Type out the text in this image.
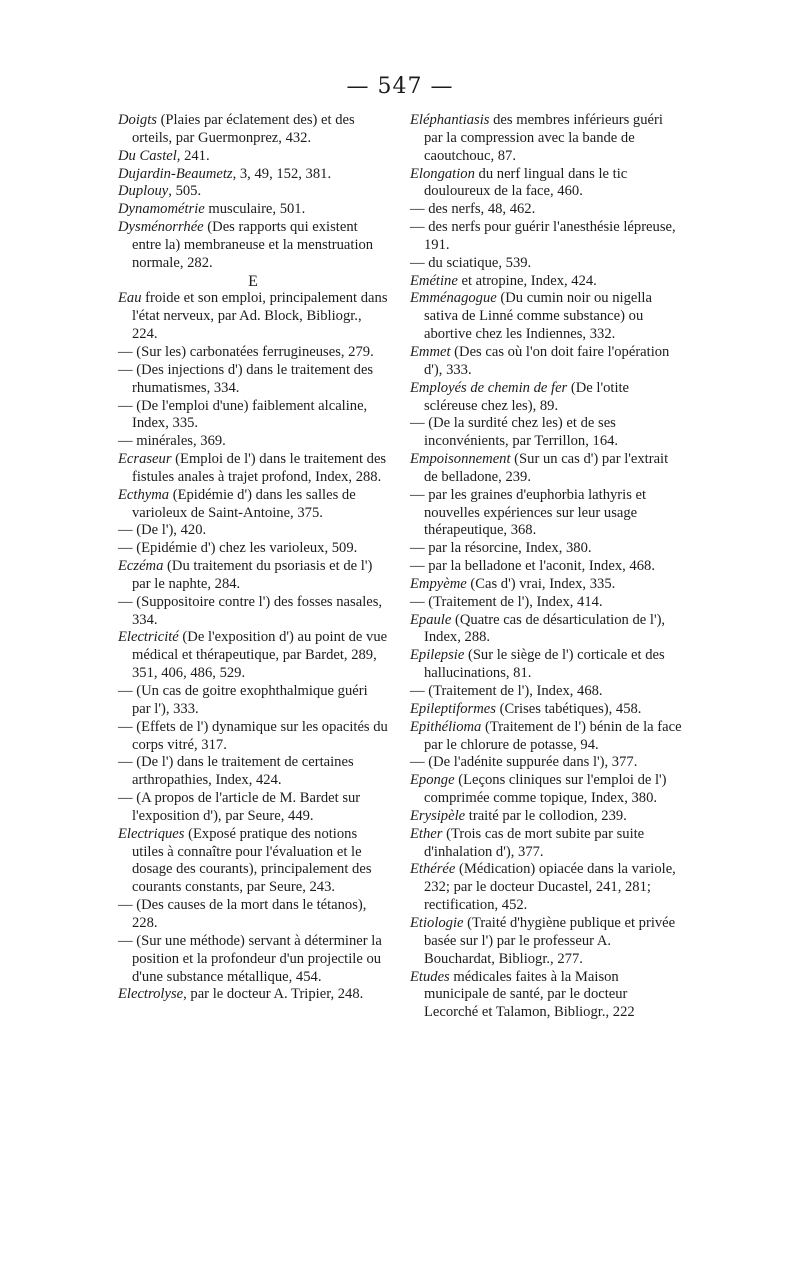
— 547 —

Doigts (Plaies par éclatement des) et des orteils, par Guermonprez, 432.

Du Castel, 241.

Dujardin-Beaumetz, 3, 49, 152, 381.

Duplouy, 505.

Dynamométrie musculaire, 501.

Dysménorrhée (Des rapports qui existent entre la) membraneuse et la menstruation normale, 282.

E

Eau froide et son emploi, principalement dans l'état nerveux, par Ad. Block, Bibliogr., 224.

— (Sur les) carbonatées ferrugineuses, 279.

— (Des injections d') dans le traitement des rhumatismes, 334.

— (De l'emploi d'une) faiblement alcaline, Index, 335.

— minérales, 369.

Ecraseur (Emploi de l') dans le traitement des fistules anales à trajet profond, Index, 288.

Ecthyma (Epidémie d') dans les salles de varioleux de Saint-Antoine, 375.

— (De l'), 420.

— (Epidémie d') chez les varioleux, 509.

Eczéma (Du traitement du psoriasis et de l') par le naphte, 284.

— (Suppositoire contre l') des fosses nasales, 334.

Electricité (De l'exposition d') au point de vue médical et thérapeutique, par Bardet, 289, 351, 406, 486, 529.

— (Un cas de goitre exophthalmique guéri par l'), 333.

— (Effets de l') dynamique sur les opacités du corps vitré, 317.

— (De l') dans le traitement de certaines arthropathies, Index, 424.

— (A propos de l'article de M. Bardet sur l'exposition d'), par Seure, 449.

Electriques (Exposé pratique des notions utiles à connaître pour l'évaluation et le dosage des courants), principalement des courants constants, par Seure, 243.

— (Des causes de la mort dans le tétanos), 228.

— (Sur une méthode) servant à déterminer la position et la profondeur d'un projectile ou d'une substance métallique, 454.

Electrolyse, par le docteur A. Tripier, 248.

Eléphantiasis des membres inférieurs guéri par la compression avec la bande de caoutchouc, 87.

Elongation du nerf lingual dans le tic douloureux de la face, 460.

— des nerfs, 48, 462.

— des nerfs pour guérir l'anesthésie lépreuse, 191.

— du sciatique, 539.

Emétine et atropine, Index, 424.

Emménagogue (Du cumin noir ou nigella sativa de Linné comme substance) ou abortive chez les Indiennes, 332.

Emmet (Des cas où l'on doit faire l'opération d'), 333.

Employés de chemin de fer (De l'otite scléreuse chez les), 89.

— (De la surdité chez les) et de ses inconvénients, par Terrillon, 164.

Empoisonnement (Sur un cas d') par l'extrait de belladone, 239.

— par les graines d'euphorbia lathyris et nouvelles expériences sur leur usage thérapeutique, 368.

— par la résorcine, Index, 380.

— par la belladone et l'aconit, Index, 468.

Empyème (Cas d') vrai, Index, 335.

— (Traitement de l'), Index, 414.

Epaule (Quatre cas de désarticulation de l'), Index, 288.

Epilepsie (Sur le siège de l') corticale et des hallucinations, 81.

— (Traitement de l'), Index, 468.

Epileptiformes (Crises tabétiques), 458.

Epithélioma (Traitement de l') bénin de la face par le chlorure de potasse, 94.

— (De l'adénite suppurée dans l'), 377.

Eponge (Leçons cliniques sur l'emploi de l') comprimée comme topique, Index, 380.

Erysipèle traité par le collodion, 239.

Ether (Trois cas de mort subite par suite d'inhalation d'), 377.

Ethérée (Médication) opiacée dans la variole, 232; par le docteur Ducastel, 241, 281; rectification, 452.

Etiologie (Traité d'hygiène publique et privée basée sur l') par le professeur A. Bouchardat, Bibliogr., 277.

Etudes médicales faites à la Maison municipale de santé, par le docteur Lecorché et Talamon, Bibliogr., 222
